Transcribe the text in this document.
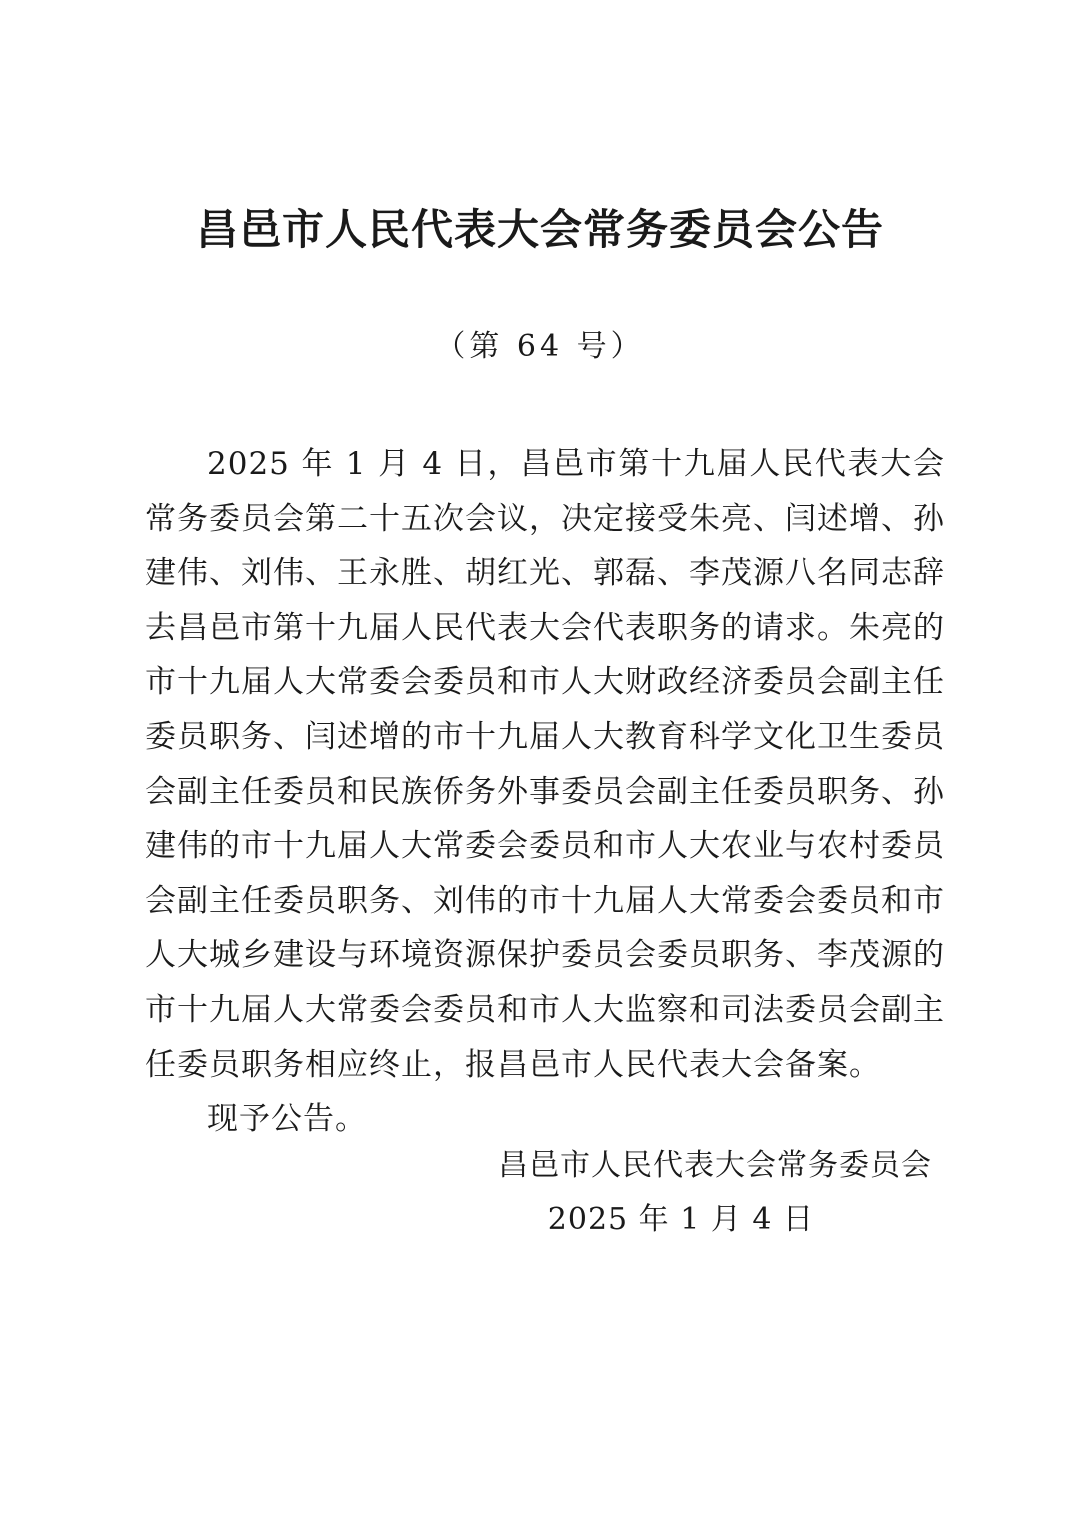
昌邑市人民代表大会常务委员会公告
（第 64 号）

2025 年 1 月 4 日，昌邑市第十九届人民代表大会常务委员会第二十五次会议，决定接受朱亮、闫述增、孙建伟、刘伟、王永胜、胡红光、郭磊、李茂源八名同志辞去昌邑市第十九届人民代表大会代表职务的请求。朱亮的市十九届人大常委会委员和市人大财政经济委员会副主任委员职务、闫述增的市十九届人大教育科学文化卫生委员会副主任委员和民族侨务外事委员会副主任委员职务、孙建伟的市十九届人大常委会委员和市人大农业与农村委员会副主任委员职务、刘伟的市十九届人大常委会委员和市人大城乡建设与环境资源保护委员会委员职务、李茂源的市十九届人大常委会委员和市人大监察和司法委员会副主任委员职务相应终止，报昌邑市人民代表大会备案。

现予公告。

昌邑市人民代表大会常务委员会
2025 年 1 月 4 日
